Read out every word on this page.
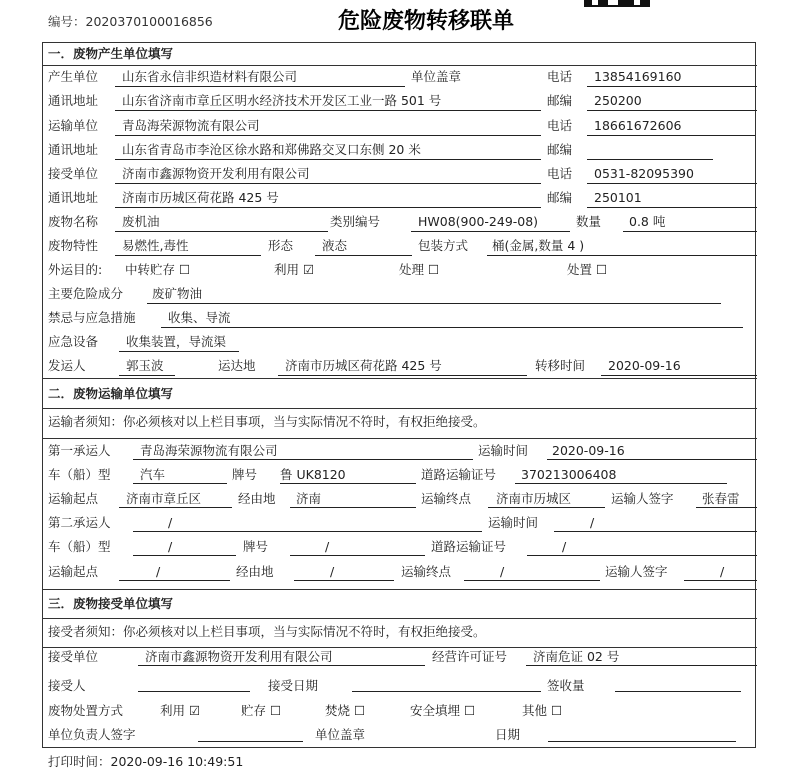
编号：2020370100016856	危险废物转移联单
一．废物产生单位填写
产生单位 山东省永信非织造材料有限公司	单位盖章	电话 13854169160
通讯地址 山东省济南市章丘区明水经济技术开发区工业一路 501 号	邮编 250200
运输单位 青岛海荣源物流有限公司	电话 18661672606
通讯地址 山东省青岛市李沧区徐水路和郑佛路交叉口东侧 20 米	邮编
接受单位 济南市鑫源物资开发利用有限公司	电话 0531-82095390
通讯地址 济南市历城区荷花路 425 号	邮编 250101
废物名称 废机油	类别编号	HW08(900-249-08)	数量 0.8 吨
废物特性 易燃性,毒性	形态 液态	包装方式 桶(金属,数量 4 )
外运目的: 中转贮存 ☐	利用 ☑	处理 ☐	处置 ☐
主要危险成分 废矿物油
禁忌与应急措施	收集、导流
应急设备 收集装置，导流渠
发运人	郭玉波	运达地 济南市历城区荷花路 425 号	转移时间 2020-09-16
二．废物运输单位填写
运输者须知：你必须核对以上栏目事项，当与实际情况不符时，有权拒绝接受。
第一承运人 青岛海荣源物流有限公司	运输时间 2020-09-16
车（船）型 汽车	牌号 鲁 UK8120	道路运输证号 370213006408
运输起点 济南市章丘区	经由地 济南	运输终点 济南市历城区	运输人签字 张春雷
第二承运人	/	运输时间	/
车（船）型	/	牌号	/	道路运输证号	/
运输起点	/	经由地	/	运输终点	/	运输人签字	/
三．废物接受单位填写
接受者须知：你必须核对以上栏目事项，当与实际情况不符时，有权拒绝接受。
接受单位	济南市鑫源物资开发利用有限公司	经营许可证号 济南危证 02 号
接受人	接受日期	签收量
废物处置方式	利用 ☑	贮存 ☐	焚烧 ☐	安全填埋 ☐	其他 ☐
单位负责人签字	单位盖章	日期
打印时间：2020-09-16 10:49:51
